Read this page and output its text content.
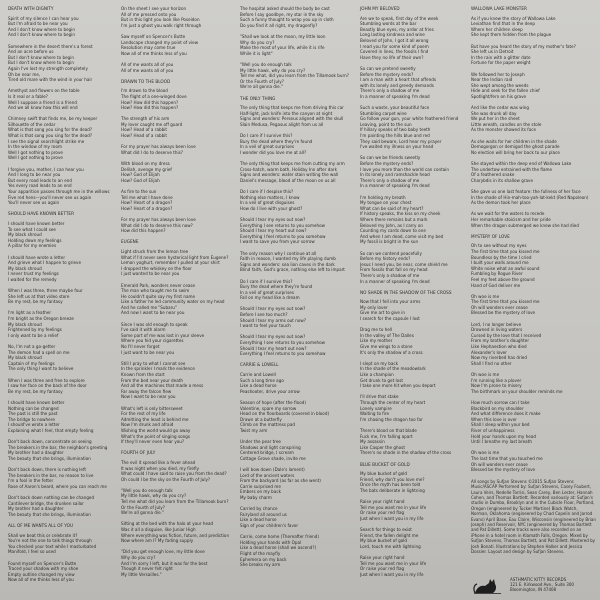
DEATH WITH DIGNITY
Spirit of my silence I can hear you
But I'm afraid to be near you
And I don't know where to begin
And I don't know where to begin
Somewhere in the desert there's a forest
And an acre before us
But I don't know where to begin
But I don't know where to begin
Again I've lost my strength completely
Oh be near me,
Tired old mare with the wind in your hair
Amethyst and flowers on the table
Is it real or a fable?
Well I suppose a friend is a friend
And we all know how this will end
Chimney swift that finds me, be my keeper
Silhouette of the cedar
What is that song you sing for the dead?
What is that song you sing for the dead?
I see the signal searchlight strike me
In the window of my room
Well I got nothing to prove
Well I got nothing to prove
I forgive you, mother, I can hear you
And I long to be near you
But every road leads to an end
Yes every road leads to an end
Your apparition passes through me in the willows
Five red hens—you'll never see us again
You'll never see us again
SHOULD HAVE KNOWN BETTER
I should have known better
To see what I could see
My black shroud
Holding down my feelings
A pillar for my enemies
I should have wrote a letter
And grieve what I happen to grieve
My black shroud
I never trust my feelings
I waited for the remedy
When I was three, three maybe four
She left us at that video store
Be my rest, be my fantasy
I'm light as a feather
I'm bright as the Oregon breeze
My black shroud
Frightened by my feelings
I only want to be a relief
No, I'm not a go-getter
The demon had a spell on me
My black shroud
Captain of my feelings
The only thing I want to believe
When I was three and free to explore
I saw her face on the back of the door
Be my rest, be my fantasy
I should have known better
Nothing can be changed
The past is still the past
The bridge to nowhere
I should've wrote a letter
Explaining what I feel, that empty feeling
Don't back down, concentrate on seeing
The breakers in the bar, the neighbor's greeting
My brother had a daughter
The beauty that she brings, illumination
Don't back down, there is nothing left
The breakers in the bar, no reason to live
I'm a fool in the fetter
Rose of Aaron's beard, where you can reach me
Don't back down nothing can be changed
Cantilever bridge, the drunken sailor
My brother had a daughter
The beauty that she brings, illumination
ALL OF ME WANTS ALL OF YOU
Shall we beat this or celebrate it?
You're not the one to talk things through
You checked your text while I masturbated
Manifold, I feel so used
Found myself on Spencer's Butte
Traced your shadow with my shoe
Empty outline changed my view
Now all of me thinks less of you
On the sheet I see your horizon
All of me pressed onto you
But in this light you look like Poseidon
I'm just a ghost you walk right through
Saw myself on Spencer's Butte
Landscape changed my point of view
Resolution may come true
Now all of me thinks less of you
All of me wants all of you
All of me wants all of you
DRAWN TO THE BLOOD
I'm drawn to the blood
The flight of a one-winged dove
How? How did this happen?
How? How did this happen?
The strength of his arm
My lover caught me off guard
How? Head of a rabbit
How? Head of a rabbit
For my prayer has always been love
What did I do to deserve this?
With blood on my dress
Delilah, avenge my grief
How? God of Elijah
How? God of Elijah
As fire to the sun
Tell me what I have done
How? Heart of a dragon?
How? Heart of a dragon?
For my prayer has always been love
What did I do to deserve this now?
How did this happen?
EUGENE
Light struck from the lemon tree
What if I'd never seen hysterical light from Eugene?
Lemon yoghurt, remember I pulled at your shirt
I dropped the whiskey on the floor
I just wanted to be near you
Emerald Park, wonders never cease
The man who taught me to swim
He couldn't quite say my first name
Like a father he led community water on my head
And he called me "Subaru"
And now I want to be near you
Since I was old enough to speak
I've said it with alarm
Some part of me was lost in your sleeve
Where you hid your cigarettes
No I'll never forget
I just want to be near you
Still I pray to what I cannot see
In the sprinkler I mark the evidence
Known from the start
From the bed near your death
And all the machines that made a mess
Far away the falcon flew
Now I want to be near you
What's left is only bittersweet
For the rest of my life
Admitting the least is behind me
Now I'm drunk and afraid
Wishing the world would go away
What's the point of singing songs
If they'll never even hear you?
FOURTH OF JULY
The evil it spread like a fever ahead
It was night when you died, my firefly
What could I have said to raise you from the dead?
Oh could I be the sky on the Fourth of July?
"Well you do enough talk
My little hawk, why do you cry?
Tell me what did you learn from the Tillamook burn?
Or the Fourth of July?
We're all gonna die."
Sitting at the bed with the halo at your head
Was it all a disguise, like Junior High
Where everything was fiction, future, and prediction
Now where am I? My fading supply
"Did you get enough love, my little dove
Why do you cry?
And I'm sorry I left, but it was for the best
Though it never felt right
My little Versailles."
The hospital asked should the body be cast
Before I say goodbye, my star in the sky
Such a funny thought to wrap you up in cloth
Do you find it all right, my dragonfly?
"Shall we look at the moon, my little loon
Why do you cry?
Make the most of your life, while it is rife
While it is light"
"Well you do enough talk
My little hawk, why do you cry?
Tell me what, did you learn from the Tillamook burn?
Or the Fourth of July?
We're all gonna die."
THE ONLY THING
The only thing that keeps me from driving this car
Half-light, jack knife into the canyon at night
Signs and wonders: Perseus aligned with the skull
Slain Medusa, Pegasus alight from us all
Do I care if I survive this?
Bury the dead where they're found
In a veil of great surprises
I wonder did you love me at all?
The only thing that keeps me from cutting my arm
Cross-hatch, warm bath, Holiday Inn after dark
Signs and wonders: water stain writing the wall
Daniel's message, blood of the moon on us all
Do I care if I despise this?
Nothing else matters, I know
In a veil of great disguises
How do I live with your ghost?
Should I tear my eyes out now?
Everything I see returns to you somehow
Should I tear my heart out now?
Everything I feel returns to you somehow
I want to save you from your sorrow
The only reason why I continue at all
Faith in reason, I wanted my life playing dumb
Signs and wonders: sea lion caves in the dark
Blind faith, God's grace, nothing else left to impart
Do I care if I survive this?
Bury the dead where they're found
In a veil of great surprises
Fall on my head like a dream
Should I tear my eyes out now?
Before I see too much?
Should I tear my arms out now?
I want to feel your touch
Should I tear my eyes out now?
Everything I see returns to you somehow
Should I tear my heart out now?
Everything I feel returns to you somehow
CARRIE & LOWELL
Carrie and Lowell
Such a long time ago
Like a dead horse
Peashooter, drive your arrow
Season of hope (after the flood)
Valentine, spare my sorrow
Head on the floorboards (covered in blood)
Drawn at a butterfly
Climb on the mattress pad
Twist my arm
Under the pear tree
Shadows and light conspiring
Centered bridge, I scream
Cottage Grove shade, invite me
I will bow down (Dale's lament)
Lord of the ancient waters
From the backyard (as far as she went)
Carrie surprised me
Embers on my back
My baby charm
Carried by chance
Fairyland all around us
Like a dead horse
Sign of your children's favor
Carrie, come home (Thereafter friend)
Holding your hands with Opal
Like a dead horse (shall we ascend?)
Flight of the mayfly
Ephemera on my back
She breaks my arm
JOHN MY BELOVED
Are we to speak, first day of the week
Stumbling words at the bar
Beastly blue eyes, my ardor at fries
Long lasting kindness and wine
Beloved of John, I got it all wrong
I read you for some kind of poem
Covered in lines, the fossils I find
Have they no life of their own?
So can we pretend sweetly
Before the mystery ends?
I am a man with a heart that offends
with its lonely and greedy demands
There's only a shadow of me
In a manner of speaking I'm dead
Such a waste, your beautiful face
Stumbling carpet wine
Go follow your gun, your white feathered friend
Leaving, point to the sun
If hillary speaks of two baby teeth
I'm painting the hills blue and red
They said beware, Lord hear my prayer
I've waited my illness on your head
So can we be friends sweetly
Before the mystery ends?
I love you more than the world can contain
In its lonely and ramshackle head
There's only a shadow of me
In a manner of speaking I'm dead
I'm holding my breath
My tongue on your chest
What can be said of my heart?
If history speaks, the kiss on my cheek
Where there remains but a mark
Beloved my John, as I carry on
Counting my cards down to one
And when I am dead, come visit my bed
My fossil is bright in the sun
So can we contend peacefully
Before my history ends?
Jesus I need you, be near, come shield me
From fossils that fall on my head
There's only a shadow of me
In a manner of speaking I'm dead
NO SHADE IN THE SHADOW OF THE CROSS
Now that I fell into your arms
My only lover
Give me art to give in
I search for the capsule I lost
Drag me to hell
In the valley of The Dalles
Like my mother
Give me wings to a stone
It's only the shadow of a cross
I slept on my back
In the shade of the meadowlark
Like a champion
Get drunk to get lost
I take one more hit when you depart
I'll drive that stake
Through the center of my heart
Lonely vampire
Waiting to fire
I'm chasing the dragon too far
There's blood on that blade
Fuck me, I'm falling apart
My assassin
Like Casper the ghost
There's no shade in the shadow of the cross
BLUE BUCKET OF GOLD
My blue bucket of gold
Friend, why don't you love me?
Once the myth has been told
The bats deliberate in lightning
Raise your right hand
Tell me you want me in your life
Or raise your red flag
Just when I want you in my life
Search for things to exist
Friend, the fallen delight me
My blue bucket of gold
Lord, touch me with lightning
Raise your right hand
Tell me you want me in your life
Or raise your red flag
Just when I want you in my life
WALLOWA LAKE MONSTER
As if you knew the story of Wallowa Lake
Leviathan find that in the deep
Where her children sleep
She kept them hidden from the plague
But have you heard the story of my mother's fate?
She left us in Detroit
In the rain with a glitter date
Fortune for the paper weight
We followed her to Joseph
Near the Indian raid
She wept among the weeds
Hide and seek for the fallen chief
Spotlight/fern on his grave
And like the cedar was wing
She was drunk all day
We put her in the sheet
Little wreath, candles on the stole
As the monster showed its face
As she waits for her children in the shade
Demogorgon or demigod the ghost parade
No election will bring her back to our place
She stayed within the deep end of Wallowa Lake
The undertow entrained with the flame
Of a feathered snake
Charybdis in its shallow grave
She gave us one last feature: the fullness of her face
In the shade of Hin-mah-too-yah-lat-kekt (Red Napoleon)
As the demon took her place
As we wait for the waters to recede
Her remarkable stoicism and her pride
When the dragon submerged we knew she had died
MYSTERY OF LOVE
Oh to see without my eyes
The first time that you kissed me
Boundless by the time I cried
I built your walls around me
White noise what an awful sound
Fumbling by Rogue River
Feel my feet above the ground
Hand of God deliver me
Oh woe is me
The first time that you kissed me
Oh will wonders ever cease
Blessed be the mystery of love
Lord, I no longer believe
Drowned in living waters
Cursed by the love that I received
From my brother's daughter
Like Hephaestion who died
Alexander's lover
Now my riverbed has dried
Shall I find no other
Oh woe is me
I'm running like a plover
Now I'm prone to misery
The birthmark on your shoulder reminds me
How much sorrow can I take
Blackbird on my shoulder
And what difference does it make
When this love is over
Shall I sleep within your bed
River of unhappiness
Hold your hands upon my head
Until I breathe my last breath
Oh woe is me
The last time that you touched me
Oh will wonders ever cease
Blessed be the mystery of love
All songs by Sufjan Stevens ©2015 Sufjan Stevens Music/ASCAP Performed by: Sufjan Stevens, Casey Foubert, Laura Veirs, Nedelle Torrisi, Sean Carey, Ben Lester, Hannah Cohen, and Thomas Bartlett. Recorded variously at: Sufjan's studio in Dumbo, Brooklyn and in the Cubicle Floor, Portland, Oregon (engineered by Tucker Martine) Black Watch, Norman, Oklahoma (engineered by Chad Copelin and Jarrod Evans) April Base, Eau Claire, Wisconsin (engineered by Brian Joseph) and Reservoir, NYC (engineered by Thomas Bartlett and Pat Dillett). Some tracks were also recorded on an iPhone in a hotel room in Klamath Falls, Oregon. Mixed by Sufjan Stevens, Thomas Bartlett, and Pat Dillett. Mastered by Josh Bonati. Illustrations by Stephen Halker and Jessica Dossier. Layout and design by Sufjan Stevens.
ASTHMATIC KITTY RECORDS
121 E. Kirkwood Ave., Suite 300
Bloomington, IN 47408
